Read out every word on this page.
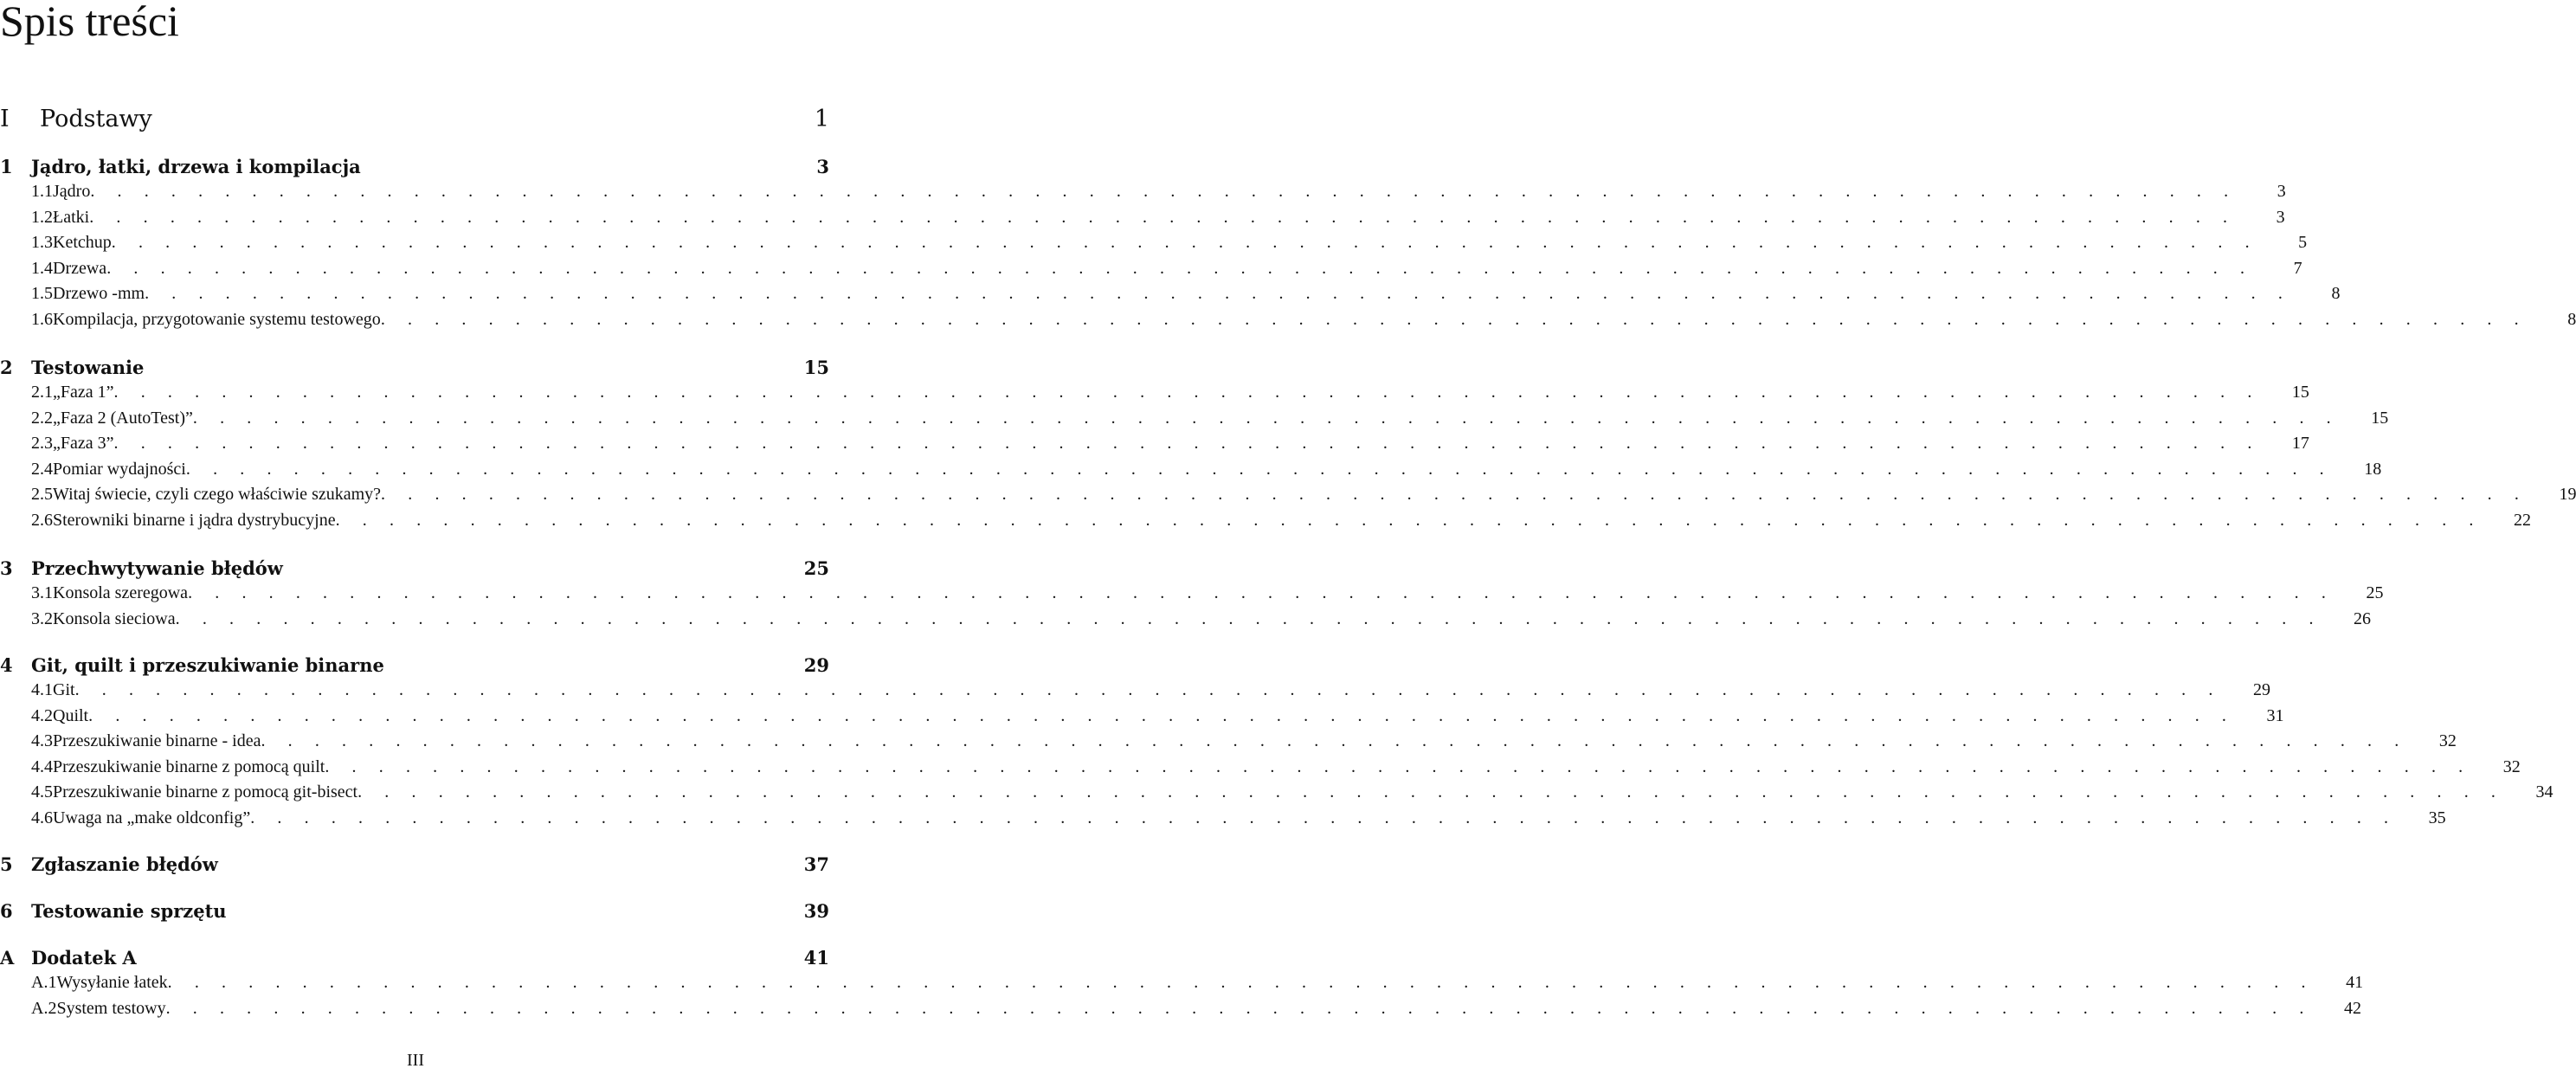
Spis treści
I	Podstawy	1
1	Jądro, łatki, drzewa i kompilacja	3
1.1 Jądro . . . . . . . . . . . . . . . . . . . . . . . . . . . . . . . . . . . . . . . . . . . . . . . . . . . . . . . . . . . . . . . . . . . . . . . . . . . . . . . .	3
1.2 Łatki . . . . . . . . . . . . . . . . . . . . . . . . . . . . . . . . . . . . . . . . . . . . . . . . . . . . . . . . . . . . . . . . . . . . . . . . . . . . . . . .	3
1.3 Ketchup . . . . . . . . . . . . . . . . . . . . . . . . . . . . . . . . . . . . . . . . . . . . . . . . . . . . . . . . . . . . . . . . . . . . . . . . . . . . . . . .	5
1.4 Drzewa . . . . . . . . . . . . . . . . . . . . . . . . . . . . . . . . . . . . . . . . . . . . . . . . . . . . . . . . . . . . . . . . . . . . . . . . . . . . . . . .	7
1.5 Drzewo -mm . . . . . . . . . . . . . . . . . . . . . . . . . . . . . . . . . . . . . . . . . . . . . . . . . . . . . . . . . . . . . . . . . . . . . . . . . . . . . . . .	8
1.6 Kompilacja, przygotowanie systemu testowego . . . . . . . . . . . . . . . . . . . . . . . . . . . . . . . . . . . . . . . . . . . . . . . . . . . . . . . . . . . . . . . . . . . . . . . . . . . . . . . .	8
2	Testowanie	15
2.1 „Faza 1” . . . . . . . . . . . . . . . . . . . . . . . . . . . . . . . . . . . . . . . . . . . . . . . . . . . . . . . . . . . . . . . . . . . . . . . . . . . . . . . .	15
2.2 „Faza 2 (AutoTest)” . . . . . . . . . . . . . . . . . . . . . . . . . . . . . . . . . . . . . . . . . . . . . . . . . . . . . . . . . . . . . . . . . . . . . . . . . . . . . . . .	15
2.3 „Faza 3” . . . . . . . . . . . . . . . . . . . . . . . . . . . . . . . . . . . . . . . . . . . . . . . . . . . . . . . . . . . . . . . . . . . . . . . . . . . . . . . .	17
2.4 Pomiar wydajności . . . . . . . . . . . . . . . . . . . . . . . . . . . . . . . . . . . . . . . . . . . . . . . . . . . . . . . . . . . . . . . . . . . . . . . . . . . . . . . .	18
2.5 Witaj świecie, czyli czego właściwie szukamy? . . . . . . . . . . . . . . . . . . . . . . . . . . . . . . . . . . . . . . . . . . . . . . . . . . . . . . . . . . . . . . . . . . . . . . . . . . . . . . . .	19
2.6 Sterowniki binarne i jądra dystrybucyjne . . . . . . . . . . . . . . . . . . . . . . . . . . . . . . . . . . . . . . . . . . . . . . . . . . . . . . . . . . . . . . . . . . . . . . . . . . . . . . . .	22
3	Przechwytywanie błędów	25
3.1 Konsola szeregowa . . . . . . . . . . . . . . . . . . . . . . . . . . . . . . . . . . . . . . . . . . . . . . . . . . . . . . . . . . . . . . . . . . . . . . . . . . . . . . . .	25
3.2 Konsola sieciowa . . . . . . . . . . . . . . . . . . . . . . . . . . . . . . . . . . . . . . . . . . . . . . . . . . . . . . . . . . . . . . . . . . . . . . . . . . . . . . . .	26
4	Git, quilt i przeszukiwanie binarne	29
4.1 Git . . . . . . . . . . . . . . . . . . . . . . . . . . . . . . . . . . . . . . . . . . . . . . . . . . . . . . . . . . . . . . . . . . . . . . . . . . . . . . . .	29
4.2 Quilt . . . . . . . . . . . . . . . . . . . . . . . . . . . . . . . . . . . . . . . . . . . . . . . . . . . . . . . . . . . . . . . . . . . . . . . . . . . . . . . .	31
4.3 Przeszukiwanie binarne - idea . . . . . . . . . . . . . . . . . . . . . . . . . . . . . . . . . . . . . . . . . . . . . . . . . . . . . . . . . . . . . . . . . . . . . . . . . . . . . . . .	32
4.4 Przeszukiwanie binarne z pomocą quilt . . . . . . . . . . . . . . . . . . . . . . . . . . . . . . . . . . . . . . . . . . . . . . . . . . . . . . . . . . . . . . . . . . . . . . . . . . . . . . . .	32
4.5 Przeszukiwanie binarne z pomocą git-bisect . . . . . . . . . . . . . . . . . . . . . . . . . . . . . . . . . . . . . . . . . . . . . . . . . . . . . . . . . . . . . . . . . . . . . . . . . . . . . . . .	34
4.6 Uwaga na „make oldconfig” . . . . . . . . . . . . . . . . . . . . . . . . . . . . . . . . . . . . . . . . . . . . . . . . . . . . . . . . . . . . . . . . . . . . . . . . . . . . . . . .	35
5	Zgłaszanie błędów	37
6	Testowanie sprzętu	39
A Dodatek A	41
A.1 Wysyłanie łatek . . . . . . . . . . . . . . . . . . . . . . . . . . . . . . . . . . . . . . . . . . . . . . . . . . . . . . . . . . . . . . . . . . . . . . . . . . . . . . . .	41
A.2 System testowy . . . . . . . . . . . . . . . . . . . . . . . . . . . . . . . . . . . . . . . . . . . . . . . . . . . . . . . . . . . . . . . . . . . . . . . . . . . . . . . .	42
III
